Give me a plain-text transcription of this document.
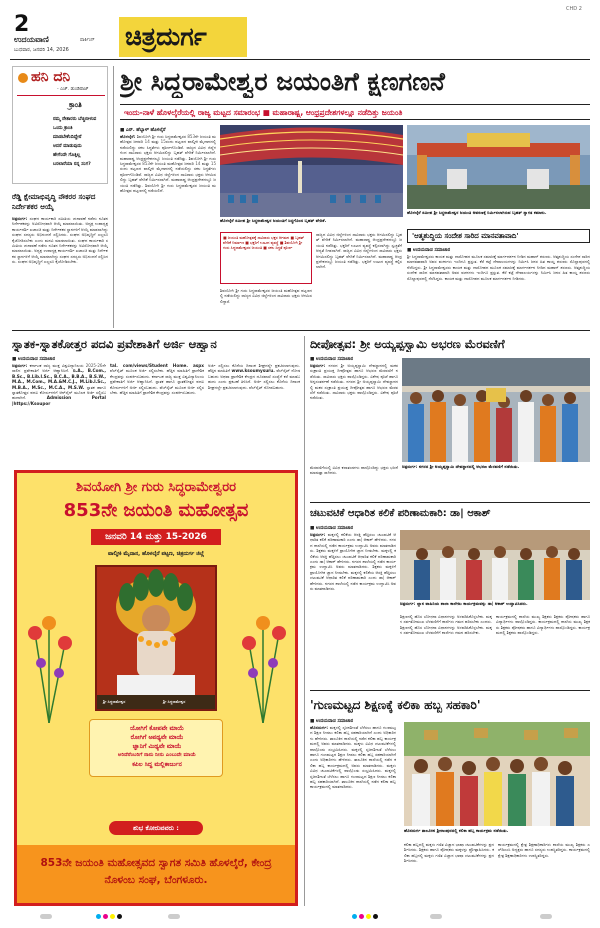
2
ಉದಯವಾಣಿ	ಪಾರ್ಕಿಂಗ್
ಬುಧವಾರ, ಜನವರಿ 14, 2026 ಚಿತ್ರದುರ್ಗ
CHD 2
ಹನಿ ದನಿ
- ಎಚ್. ಡುಂಡಿರಾಜ್
ಕ್ರಾಂತಿ
ನಮ್ಮ ನೇತಾರರು ಬೆಚ್ಚಿಬೀಳುವ
ಒಂದು ಕ್ರಾಂತಿ
ಮಾಡಬೇಕೆಂದಿದ್ದೇನೆ
ಆದರೆ ಮಾಡುವುದು
ಹೇಗೆಂದೇ ಗೊತ್ತಿಲ್ಲ
ಬರಲಾರೆಯಾ ನನ್ನ ಸಂಗ?
ರೆಡ್ಡಿ ಕ್ಷೇಮಾಭಿವೃದ್ಧಿ ನೌಕರರ ಸಂಘದ ನಿರ್ದೇಶಕರ ಆಯ್ಕೆ
ಚಿತ್ರದುರ್ಗ: ಸಂಘದ ಕಾರ್ಯಕಾರಿ ಸಮಿತಿಯ ಚುನಾವಣೆ ನಡೆದು ನೂತನ ನಿರ್ದೇಶಕರನ್ನು ಅವಿರೋಧವಾಗಿ ಆಯ್ಕೆ ಮಾಡಲಾಯಿತು. ಅಧ್ಯಕ್ಷ ಉಪಾಧ್ಯಕ್ಷ ಕಾರ್ಯದರ್ಶಿ ಖಜಾಂಚಿ ಮತ್ತು ನಿರ್ದೇಶಕರ ಸ್ಥಾನಗಳಿಗೆ ಆಯ್ಕೆ ಮಾಡಲಾಗಿದ್ದು ಸಂಘದ ಸದಸ್ಯರು ಅಭಿನಂದನೆ ಸಲ್ಲಿಸಿದರು. ಸಂಘದ ಅಭಿವೃದ್ಧಿಗೆ ಎಲ್ಲರೂ ಕೈಜೋಡಿಸಬೇಕು ಎಂದು ಮನವಿ ಮಾಡಲಾಯಿತು. ಸಂಘದ ಕಾರ್ಯಕಾರಿ ಸಮಿತಿಯ ಚುನಾವಣೆ ನಡೆದು ನೂತನ ನಿರ್ದೇಶಕರನ್ನು ಅವಿರೋಧವಾಗಿ ಆಯ್ಕೆ ಮಾಡಲಾಯಿತು. ಅಧ್ಯಕ್ಷ ಉಪಾಧ್ಯಕ್ಷ ಕಾರ್ಯದರ್ಶಿ ಖಜಾಂಚಿ ಮತ್ತು ನಿರ್ದೇಶಕರ ಸ್ಥಾನಗಳಿಗೆ ಆಯ್ಕೆ ಮಾಡಲಾಗಿದ್ದು ಸಂಘದ ಸದಸ್ಯರು ಅಭಿನಂದನೆ ಸಲ್ಲಿಸಿದರು. ಸಂಘದ ಅಭಿವೃದ್ಧಿಗೆ ಎಲ್ಲರೂ ಕೈಜೋಡಿಸಬೇಕು.
ಶ್ರೀ ಸಿದ್ಧರಾಮೇಶ್ವರ ಜಯಂತಿಗೆ ಕ್ಷಣಗಣನೆ
ಇಂದು-ನಾಳೆ ಹೊಳಲ್ಕೆರೆಯಲ್ಲಿ ರಾಜ್ಯ ಮಟ್ಟದ ಸಮಾರಂಭ ■ ಮಹಾರಾಷ್ಟ್ರ, ಆಂಧ್ರಪ್ರದೇಶಗಳಲ್ಲೂ ನಡೆದಿತ್ತು ಜಯಂತಿ
■ ಎನ್. ಹೆಬ್ಬಾಳ್ ಹೊಳಲ್ಕೆರೆ
ಹೊಳಲ್ಕೆರೆ: ಶಿವಯೋಗಿ ಶ್ರೀ ಗುರು ಸಿದ್ಧರಾಮೇಶ್ವರರ 853ನೇ ಜಯಂತಿ ಮಹೋತ್ಸವ ಜನವರಿ 14 ಮತ್ತು 15ರಂದು ಪಟ್ಟಣದ ವಾಲ್ಮೀಕಿ ಮೈದಾನದಲ್ಲಿ ನಡೆಯಲಿದ್ದು ಸಕಲ ಸಿದ್ಧತೆಗಳು ಪೂರ್ಣಗೊಂಡಿವೆ. ರಾಜ್ಯದ ವಿವಿಧ ಜಿಲ್ಲೆಗಳಿಂದ ಸಾವಿರಾರು ಭಕ್ತರು ಆಗಮಿಸಲಿದ್ದು ಬೃಹತ್ ವೇದಿಕೆ ನಿರ್ಮಿಸಲಾಗಿದೆ. ಮಹಾರಾಷ್ಟ್ರ ಆಂಧ್ರಪ್ರದೇಶದಲ್ಲೂ ಜಯಂತಿ ನಡೆದಿತ್ತು. ಶಿವಯೋಗಿ ಶ್ರೀ ಗುರು ಸಿದ್ಧರಾಮೇಶ್ವರರ 853ನೇ ಜಯಂತಿ ಮಹೋತ್ಸವ ಜನವರಿ 14 ಮತ್ತು 15ರಂದು ಪಟ್ಟಣದ ವಾಲ್ಮೀಕಿ ಮೈದಾನದಲ್ಲಿ ನಡೆಯಲಿದ್ದು ಸಕಲ ಸಿದ್ಧತೆಗಳು ಪೂರ್ಣಗೊಂಡಿವೆ. ರಾಜ್ಯದ ವಿವಿಧ ಜಿಲ್ಲೆಗಳಿಂದ ಸಾವಿರಾರು ಭಕ್ತರು ಆಗಮಿಸಲಿದ್ದು ಬೃಹತ್ ವೇದಿಕೆ ನಿರ್ಮಿಸಲಾಗಿದೆ. ಮಹಾರಾಷ್ಟ್ರ ಆಂಧ್ರಪ್ರದೇಶದಲ್ಲೂ ಜಯಂತಿ ನಡೆದಿತ್ತು. ಶಿವಯೋಗಿ ಶ್ರೀ ಗುರು ಸಿದ್ಧರಾಮೇಶ್ವರರ ಜಯಂತಿ ಮಹೋತ್ಸವ ಪಟ್ಟಣದಲ್ಲಿ ನಡೆಯಲಿದೆ.
ಹೊಳಲ್ಕೆರೆ ಸಮೀಪ ಶ್ರೀ ಸಿದ್ಧರಾಮೇಶ್ವರ ಜಯಂತಿಗೆ ಸಿದ್ಧಗೊಂಡ ಬೃಹತ್ ವೇದಿಕೆ.
ಹೊಳಲ್ಕೆರೆ ಸಮೀಪ ಶ್ರೀ ಸಿದ್ಧರಾಮೇಶ್ವರ ಜಯಂತಿ ಆವರಣಕ್ಕೆ ನಿರ್ಮಿಸಲಾಗಿರುವ ಬೃಹತ್ ಸ್ವಾಗತ ಕಮಾನು.
■ ಜಯಂತಿ ಮಹೋತ್ಸವಕ್ಕೆ ಸಾವಿರಾರು ಭಕ್ತರ ಆಗಮನ ■ ಬೃಹತ್ ವೇದಿಕೆ ನಿರ್ಮಾಣ ■ ಭಕ್ತರಿಗೆ ಊಟದ ವ್ಯವಸ್ಥೆ ■ ಶಿವಯೋಗಿ ಶ್ರೀ ಗುರು ಸಿದ್ಧರಾಮೇಶ್ವರರ ಜಯಂತಿ ■ ಸಕಲ ಸಿದ್ಧತೆ ಪೂರ್ಣ
ಶಿವಯೋಗಿ ಶ್ರೀ ಗುರು ಸಿದ್ಧರಾಮೇಶ್ವರರ ಜಯಂತಿ ಮಹೋತ್ಸವ ಪಟ್ಟಣದಲ್ಲಿ ನಡೆಯಲಿದ್ದು ರಾಜ್ಯದ ವಿವಿಧ ಜಿಲ್ಲೆಗಳಿಂದ ಸಾವಿರಾರು ಭಕ್ತರು ಆಗಮಿಸಲಿದ್ದಾರೆ.
ರಾಜ್ಯದ ವಿವಿಧ ಜಿಲ್ಲೆಗಳಿಂದ ಸಾವಿರಾರು ಭಕ್ತರು ಆಗಮಿಸಲಿದ್ದು ಬೃಹತ್ ವೇದಿಕೆ ನಿರ್ಮಿಸಲಾಗಿದೆ. ಮಹಾರಾಷ್ಟ್ರ ಆಂಧ್ರಪ್ರದೇಶದಲ್ಲೂ ಜಯಂತಿ ನಡೆದಿತ್ತು. ಭಕ್ತರಿಗೆ ಊಟದ ವ್ಯವಸ್ಥೆ ಕಲ್ಪಿಸಲಾಗಿದ್ದು ಸ್ವಚ್ಛತೆಗೆ ಆದ್ಯತೆ ನೀಡಲಾಗಿದೆ. ರಾಜ್ಯದ ವಿವಿಧ ಜಿಲ್ಲೆಗಳಿಂದ ಸಾವಿರಾರು ಭಕ್ತರು ಆಗಮಿಸಲಿದ್ದು ಬೃಹತ್ ವೇದಿಕೆ ನಿರ್ಮಿಸಲಾಗಿದೆ. ಮಹಾರಾಷ್ಟ್ರ ಆಂಧ್ರಪ್ರದೇಶದಲ್ಲೂ ಜಯಂತಿ ನಡೆದಿತ್ತು. ಭಕ್ತರಿಗೆ ಊಟದ ವ್ಯವಸ್ಥೆ ಕಲ್ಪಿಸಲಾಗಿದೆ.
'ಆತ್ಮಶುದ್ಧಿಯ ಸಂದೇಶ ಸಾರಿದ ಮಾನವತಾವಾದಿ'
■ ಉದಯವಾಣಿ ಸಮಾಚಾರ
ಶ್ರೀ ಸಿದ್ಧರಾಮೇಶ್ವರರು ಕಾಯಕ ಮತ್ತು ದಾಸೋಹದ ಮೂಲಕ ಸಮಾಜಕ್ಕೆ ಮಾರ್ಗದರ್ಶನ ನೀಡಿದ ಮಹಾನ್ ಶರಣರು. ಆತ್ಮಶುದ್ಧಿಯ ಸಂದೇಶ ಸಾರಿದ ಮಾನವತಾವಾದಿ ಅವರ ವಚನಗಳು ಇಂದಿಗೂ ಪ್ರಸ್ತುತ. ಕೆರೆ ಕಟ್ಟೆ ದೇವಾಲಯಗಳನ್ನು ನಿರ್ಮಿಸಿ ಜನರ ಹಿತ ಕಾಯ್ದ ಶರಣರು ಸೊಲ್ಲಾಪುರದಲ್ಲಿ ನೆಲೆಸಿದ್ದರು. ಶ್ರೀ ಸಿದ್ಧರಾಮೇಶ್ವರರು ಕಾಯಕ ಮತ್ತು ದಾಸೋಹದ ಮೂಲಕ ಸಮಾಜಕ್ಕೆ ಮಾರ್ಗದರ್ಶನ ನೀಡಿದ ಮಹಾನ್ ಶರಣರು. ಆತ್ಮಶುದ್ಧಿಯ ಸಂದೇಶ ಸಾರಿದ ಮಾನವತಾವಾದಿ ಅವರ ವಚನಗಳು ಇಂದಿಗೂ ಪ್ರಸ್ತುತ. ಕೆರೆ ಕಟ್ಟೆ ದೇವಾಲಯಗಳನ್ನು ನಿರ್ಮಿಸಿ ಜನರ ಹಿತ ಕಾಯ್ದ ಶರಣರು ಸೊಲ್ಲಾಪುರದಲ್ಲಿ ನೆಲೆಸಿದ್ದರು. ಕಾಯಕ ಮತ್ತು ದಾಸೋಹದ ಮೂಲಕ ಮಾರ್ಗದರ್ಶನ ನೀಡಿದರು.
ಸ್ನಾತಕ-ಸ್ನಾತಕೋತ್ತರ ಪದವಿ ಪ್ರವೇಶಾತಿಗೆ ಅರ್ಜಿ ಆಹ್ವಾನ
■ ಉದಯವಾಣಿ ಸಮಾಚಾರ
ಚಿತ್ರದುರ್ಗ: ಕರ್ನಾಟಕ ರಾಜ್ಯ ಮುಕ್ತ ವಿಶ್ವವಿದ್ಯಾನಿಲಯ 2025-26ನೇ ಸಾಲಿನ ಪ್ರವೇಶಾತಿಗೆ ಅರ್ಜಿ ಆಹ್ವಾನಿಸಿದೆ. ಬಿ.A., B.Com., B.Sc., B.Lib.I.Sc., B.C.A., B.B.A., B.S.W., M.A., M.Com., M.A.&M.C.J., M.Lib.I.Sc., M.B.A., M.Sc., M.C.A., M.S.W. ಸ್ನಾತಕ ಹಾಗೂ ಸ್ನಾತಕೋತ್ತರ ಪದವಿ ಕೋರ್ಸುಗಳಿಗೆ ಆನ್‌ಲೈನ್ ಮೂಲಕ ಅರ್ಜಿ ಸಲ್ಲಿಸಬಹುದಾಗಿದೆ.	Admission Portal |https://Ksoupor
tal. com/views/Student Home. aspx ವೆಬ್‌ಸೈಟ್ ಮೂಲಕ ಅರ್ಜಿ ಸಲ್ಲಿಸಬೇಕು. ಹೆಚ್ಚಿನ ಮಾಹಿತಿಗೆ ಪ್ರಾದೇಶಿಕ ಕೇಂದ್ರವನ್ನು ಸಂಪರ್ಕಿಸಬಹುದು. ಕರ್ನಾಟಕ ರಾಜ್ಯ ಮುಕ್ತ ವಿಶ್ವವಿದ್ಯಾನಿಲಯ ಪ್ರವೇಶಾತಿಗೆ ಅರ್ಜಿ ಆಹ್ವಾನಿಸಿದೆ. ಸ್ನಾತಕ ಹಾಗೂ ಸ್ನಾತಕೋತ್ತರ ಪದವಿ ಕೋರ್ಸುಗಳಿಗೆ ಅರ್ಜಿ ಸಲ್ಲಿಸಬಹುದು. ವೆಬ್‌ಸೈಟ್ ಮೂಲಕ ಅರ್ಜಿ ಸಲ್ಲಿಸಬೇಕು. ಹೆಚ್ಚಿನ ಮಾಹಿತಿಗೆ ಪ್ರಾದೇಶಿಕ ಕೇಂದ್ರವನ್ನು ಸಂಪರ್ಕಿಸಬಹುದು.
ಅರ್ಜಿ ಸಲ್ಲಿಸಲು ಕೊನೆಯ ದಿನಾಂಕ ಶೀಘ್ರದಲ್ಲೇ ಪ್ರಕಟಿಸಲಾಗುವುದು. ಹೆಚ್ಚಿನ ಮಾಹಿತಿಗೆ www.ksoumysuru. ವೆಬ್‌ಸೈಟ್ ನೋಡಬಹುದು ಅಥವಾ ಪ್ರಾದೇಶಿಕ ಕೇಂದ್ರದ ದೂರವಾಣಿ ಸಂಖ್ಯೆಗೆ ಕರೆ ಮಾಡಬಹುದು ಎಂದು ಪ್ರಕಟಣೆ ತಿಳಿಸಿದೆ. ಅರ್ಜಿ ಸಲ್ಲಿಸಲು ಕೊನೆಯ ದಿನಾಂಕ ಶೀಘ್ರದಲ್ಲೇ ಪ್ರಕಟಿಸಲಾಗುವುದು. ವೆಬ್‌ಸೈಟ್ ನೋಡಬಹುದು.
ಶಿವಯೋಗಿ ಶ್ರೀ ಗುರು ಸಿದ್ಧರಾಮೇಶ್ವರರ
853ನೇ ಜಯಂತಿ ಮಹೋತ್ಸವ
ಜನವರಿ 14 ಮತ್ತು 15-2026
ವಾಲ್ಮೀಕಿ ಮೈದಾನ, ಹೊಳಲ್ಕೆರೆ ಪಟ್ಟಣ, ಚಿತ್ರದುರ್ಗ ಜಿಲ್ಲೆ
ಶ್ರೀ ಸಿದ್ಧರಾಮೇಶ್ವರ	ಶ್ರೀ ಸಿದ್ಧರಾಮೇಶ್ವರ
ಯೋಗಿಗೆ ಕೋಪವೇ ಮಾಯೆ
ರೋಗಿಗೆ ಅಪಥ್ಯವೇ ಮಾಯೆ
ಜ್ಞಾನಿಗೆ ಮಿಥ್ಯವೇ ಮಾಯೆ
ಅರಿದೆನೆಂಬರಿಗೆ ನಾನು ನೀನು ಎಂಬುದೇ ಮಾಯೆ
ಕಪಿಲ ಸಿದ್ಧ ಮಲ್ಲಿಕಾರ್ಜುನ
ಶುಭ ಕೋರುವವರು :
853ನೇ ಜಯಂತಿ ಮಹೋತ್ಸವದ ಸ್ವಾಗತ ಸಮಿತಿ ಹೊಳಲ್ಕೆರೆ, ಕೇಂದ್ರ ನೊಳಂಬ ಸಂಘ, ಬೆಂಗಳೂರು.
ದೀಪೋತ್ಸವ: ಶ್ರೀ ಅಯ್ಯಪ್ಪಸ್ವಾಮಿ ಅಭರಣ ಮೆರವಣಿಗೆ
■ ಉದಯವಾಣಿ ಸಮಾಚಾರ
ಚಿತ್ರದುರ್ಗ: ನಗರದ ಶ್ರೀ ಅಯ್ಯಪ್ಪಸ್ವಾಮಿ ದೇವಸ್ಥಾನದಲ್ಲಿ ಮಕರ ಸಂಕ್ರಾಂತಿ ಪ್ರಯುಕ್ತ ದೀಪೋತ್ಸವ ಹಾಗೂ ಆಭರಣ ಮೆರವಣಿಗೆ ನಡೆಯಿತು. ಸಾವಿರಾರು ಭಕ್ತರು ಪಾಲ್ಗೊಂಡಿದ್ದರು. ವಿಶೇಷ ಪೂಜೆ ಹಾಗೂ ಅನ್ನಸಂತರ್ಪಣೆ ನಡೆಯಿತು. ನಗರದ ಶ್ರೀ ಅಯ್ಯಪ್ಪಸ್ವಾಮಿ ದೇವಸ್ಥಾನದಲ್ಲಿ ಮಕರ ಸಂಕ್ರಾಂತಿ ಪ್ರಯುಕ್ತ ದೀಪೋತ್ಸವ ಹಾಗೂ ಆಭರಣ ಮೆರವಣಿಗೆ ನಡೆಯಿತು. ಸಾವಿರಾರು ಭಕ್ತರು ಪಾಲ್ಗೊಂಡಿದ್ದರು. ವಿಶೇಷ ಪೂಜೆ ನಡೆಯಿತು.
ಚಿತ್ರದುರ್ಗ: ನಗರದ ಶ್ರೀ ಅಯ್ಯಪ್ಪಸ್ವಾಮಿ ದೇವಸ್ಥಾನದಲ್ಲಿ ಆಭರಣ ಮೆರವಣಿಗೆ ನಡೆಯಿತು.
ಮೆರವಣಿಗೆಯಲ್ಲಿ ವಿವಿಧ ಕಲಾತಂಡಗಳು ಪಾಲ್ಗೊಂಡಿದ್ದು ಭಕ್ತರು ಭಜನೆ ಮಾಡುತ್ತಾ ಸಾಗಿದರು.
ಚಟುವಟಿಕೆ ಆಧಾರಿತ ಕಲಿಕೆ ಪರಿಣಾಮಕಾರಿ: ಡಾ| ಆಕಾಶ್
■ ಉದಯವಾಣಿ ಸಮಾಚಾರ
ಚಿತ್ರದುರ್ಗ: ಮಕ್ಕಳಲ್ಲಿ ಕಲಿಕೆಯ ಆಸಕ್ತಿ ಹೆಚ್ಚಿಸಲು ಚಟುವಟಿಕೆ ಆಧಾರಿತ ಕಲಿಕೆ ಪರಿಣಾಮಕಾರಿ ಎಂದು ಡಾ| ಆಕಾಶ್ ಹೇಳಿದರು. ನಗರದ ಶಾಲೆಯಲ್ಲಿ ನಡೆದ ಕಾರ್ಯಕ್ರಮ ಉದ್ಘಾಟಿಸಿ ಅವರು ಮಾತನಾಡಿದರು. ಶಿಕ್ಷಕರು ಮಕ್ಕಳಿಗೆ ಪ್ರಾಯೋಗಿಕ ಜ್ಞಾನ ನೀಡಬೇಕು. ಮಕ್ಕಳಲ್ಲಿ ಕಲಿಕೆಯ ಆಸಕ್ತಿ ಹೆಚ್ಚಿಸಲು ಚಟುವಟಿಕೆ ಆಧಾರಿತ ಕಲಿಕೆ ಪರಿಣಾಮಕಾರಿ ಎಂದು ಡಾ| ಆಕಾಶ್ ಹೇಳಿದರು. ನಗರದ ಶಾಲೆಯಲ್ಲಿ ನಡೆದ ಕಾರ್ಯಕ್ರಮ ಉದ್ಘಾಟಿಸಿ ಅವರು ಮಾತನಾಡಿದರು. ಶಿಕ್ಷಕರು ಮಕ್ಕಳಿಗೆ ಪ್ರಾಯೋಗಿಕ ಜ್ಞಾನ ನೀಡಬೇಕು. ಮಕ್ಕಳಲ್ಲಿ ಕಲಿಕೆಯ ಆಸಕ್ತಿ ಹೆಚ್ಚಿಸಲು ಚಟುವಟಿಕೆ ಆಧಾರಿತ ಕಲಿಕೆ ಪರಿಣಾಮಕಾರಿ ಎಂದು ಡಾ| ಆಕಾಶ್ ಹೇಳಿದರು. ನಗರದ ಶಾಲೆಯಲ್ಲಿ ನಡೆದ ಕಾರ್ಯಕ್ರಮ ಉದ್ಘಾಟಿಸಿ ಅವರು ಮಾತನಾಡಿದರು.
ಚಿತ್ರದುರ್ಗ: ಜ್ಞಾನ ವಾಹಿನಿಯ ಶಾಲಾ ಕಾಲೇಜು ಕಾರ್ಯಕ್ರಮವನ್ನು ಡಾ| ಆಕಾಶ್ ಉದ್ಘಾಟಿಸಿದರು.
ಶಿಕ್ಷಣದಲ್ಲಿ ಹೊಸ ಬೋಧನಾ ವಿಧಾನಗಳನ್ನು ಅಳವಡಿಸಿಕೊಳ್ಳಬೇಕು. ಮಕ್ಕಳ ಸರ್ವತೋಮುಖ ಬೆಳವಣಿಗೆಗೆ ಶಾಲೆಗಳು ಗಮನ ಹರಿಸಬೇಕು ಎಂದರು. ಶಿಕ್ಷಣದಲ್ಲಿ ಹೊಸ ಬೋಧನಾ ವಿಧಾನಗಳನ್ನು ಅಳವಡಿಸಿಕೊಳ್ಳಬೇಕು. ಮಕ್ಕಳ ಸರ್ವತೋಮುಖ ಬೆಳವಣಿಗೆಗೆ ಶಾಲೆಗಳು ಗಮನ ಹರಿಸಬೇಕು.
ಕಾರ್ಯಕ್ರಮದಲ್ಲಿ ಶಾಲೆಯ ಮುಖ್ಯ ಶಿಕ್ಷಕರು ಶಿಕ್ಷಕರು ಪೋಷಕರು ಹಾಗೂ ವಿದ್ಯಾರ್ಥಿಗಳು ಪಾಲ್ಗೊಂಡಿದ್ದರು. ಕಾರ್ಯಕ್ರಮದಲ್ಲಿ ಶಾಲೆಯ ಮುಖ್ಯ ಶಿಕ್ಷಕರು ಶಿಕ್ಷಕರು ಪೋಷಕರು ಹಾಗೂ ವಿದ್ಯಾರ್ಥಿಗಳು ಪಾಲ್ಗೊಂಡಿದ್ದರು. ಕಾರ್ಯಕ್ರಮದಲ್ಲಿ ಶಿಕ್ಷಕರು ಪಾಲ್ಗೊಂಡಿದ್ದರು.
'ಗುಣಮಟ್ಟದ ಶಿಕ್ಷಣಕ್ಕೆ ಕಲಿಕಾ ಹಬ್ಬ ಸಹಕಾರಿ'
■ ಉದಯವಾಣಿ ಸಮಾಚಾರ
ಹೊಸದುರ್ಗ: ಮಕ್ಕಳಲ್ಲಿ ಸೃಜನಶೀಲತೆ ಬೆಳೆಸಲು ಹಾಗೂ ಗುಣಮಟ್ಟದ ಶಿಕ್ಷಣ ನೀಡಲು ಕಲಿಕಾ ಹಬ್ಬ ಸಹಕಾರಿಯಾಗಿದೆ ಎಂದು ಅಧಿಕಾರಿಗಳು ಹೇಳಿದರು. ತಾಲೂಕಿನ ಶಾಲೆಯಲ್ಲಿ ನಡೆದ ಕಲಿಕಾ ಹಬ್ಬ ಕಾರ್ಯಕ್ರಮದಲ್ಲಿ ಅವರು ಮಾತನಾಡಿದರು. ಮಕ್ಕಳು ವಿವಿಧ ಚಟುವಟಿಕೆಗಳಲ್ಲಿ ಪಾಲ್ಗೊಂಡು ಸಂಭ್ರಮಿಸಿದರು. ಮಕ್ಕಳಲ್ಲಿ ಸೃಜನಶೀಲತೆ ಬೆಳೆಸಲು ಹಾಗೂ ಗುಣಮಟ್ಟದ ಶಿಕ್ಷಣ ನೀಡಲು ಕಲಿಕಾ ಹಬ್ಬ ಸಹಕಾರಿಯಾಗಿದೆ ಎಂದು ಅಧಿಕಾರಿಗಳು ಹೇಳಿದರು. ತಾಲೂಕಿನ ಶಾಲೆಯಲ್ಲಿ ನಡೆದ ಕಲಿಕಾ ಹಬ್ಬ ಕಾರ್ಯಕ್ರಮದಲ್ಲಿ ಅವರು ಮಾತನಾಡಿದರು. ಮಕ್ಕಳು ವಿವಿಧ ಚಟುವಟಿಕೆಗಳಲ್ಲಿ ಪಾಲ್ಗೊಂಡು ಸಂಭ್ರಮಿಸಿದರು. ಮಕ್ಕಳಲ್ಲಿ ಸೃಜನಶೀಲತೆ ಬೆಳೆಸಲು ಹಾಗೂ ಗುಣಮಟ್ಟದ ಶಿಕ್ಷಣ ನೀಡಲು ಕಲಿಕಾ ಹಬ್ಬ ಸಹಕಾರಿಯಾಗಿದೆ. ತಾಲೂಕಿನ ಶಾಲೆಯಲ್ಲಿ ನಡೆದ ಕಲಿಕಾ ಹಬ್ಬ ಕಾರ್ಯಕ್ರಮದಲ್ಲಿ ಮಾತನಾಡಿದರು.
ಹೊಸದುರ್ಗ ತಾಲೂಕಿನ ಶ್ರೀರಾಂಪುರದಲ್ಲಿ ಕಲಿಕಾ ಹಬ್ಬ ಕಾರ್ಯಕ್ರಮ ನಡೆಯಿತು.
ಕಲಿಕಾ ಹಬ್ಬದಲ್ಲಿ ಮಕ್ಕಳು ಗಣಿತ ವಿಜ್ಞಾನ ಭಾಷಾ ಚಟುವಟಿಕೆಗಳನ್ನು ಪ್ರದರ್ಶಿಸಿದರು. ಶಿಕ್ಷಕರು ಹಾಗೂ ಪೋಷಕರು ಮಕ್ಕಳನ್ನು ಪ್ರೋತ್ಸಾಹಿಸಿದರು. ಕಲಿಕಾ ಹಬ್ಬದಲ್ಲಿ ಮಕ್ಕಳು ಗಣಿತ ವಿಜ್ಞಾನ ಭಾಷಾ ಚಟುವಟಿಕೆಗಳನ್ನು ಪ್ರದರ್ಶಿಸಿದರು.
ಕಾರ್ಯಕ್ರಮದಲ್ಲಿ ಕ್ಷೇತ್ರ ಶಿಕ್ಷಣಾಧಿಕಾರಿಗಳು ಶಾಲೆಯ ಮುಖ್ಯ ಶಿಕ್ಷಕರು ಎಸ್‌ಡಿಎಂಸಿ ಅಧ್ಯಕ್ಷರು ಹಾಗೂ ಸದಸ್ಯರು ಉಪಸ್ಥಿತರಿದ್ದರು. ಕಾರ್ಯಕ್ರಮದಲ್ಲಿ ಕ್ಷೇತ್ರ ಶಿಕ್ಷಣಾಧಿಕಾರಿಗಳು ಉಪಸ್ಥಿತರಿದ್ದರು.
